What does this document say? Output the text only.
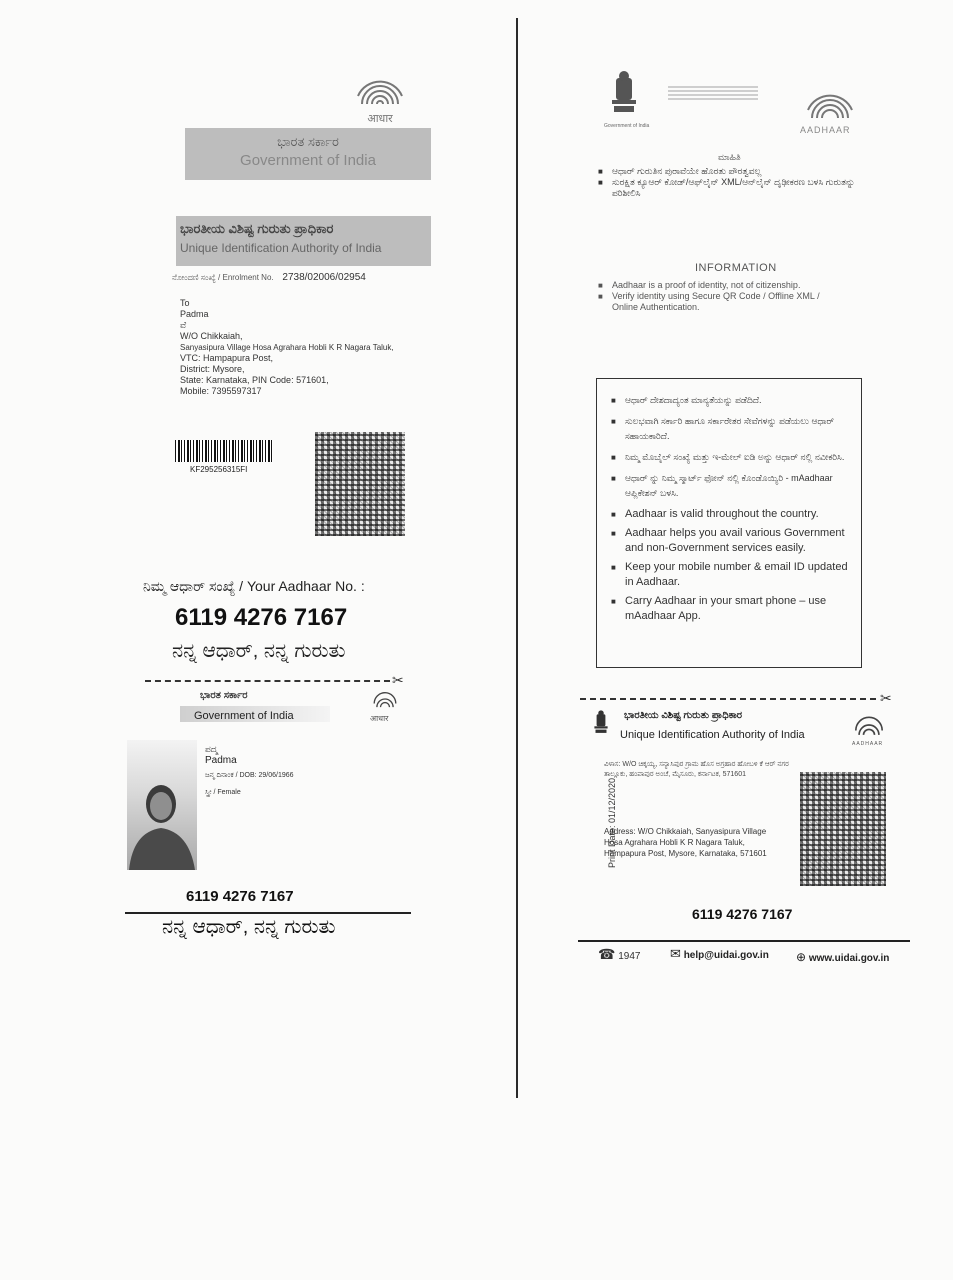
आधार
ಭಾರತ ಸರ್ಕಾರ
Government of India
ಭಾರತೀಯ ವಿಶಿಷ್ಟ ಗುರುತು ಪ್ರಾಧಿಕಾರ
Unique Identification Authority of India
ನೋಂದಣಿ ಸಂಖ್ಯೆ / Enrolment No. 2738/02006/02954
To
Padma
ವೆ
W/O Chikkaiah,
Sanyasipura Village Hosa Agrahara Hobli K R Nagara Taluk,
VTC: Hampapura Post,
District: Mysore,
State: Karnataka, PIN Code: 571601,
Mobile: 7395597317
KF295256315FI
ನಿಮ್ಮ ಆಧಾರ್ ಸಂಖ್ಯೆ / Your Aadhaar No. :
6119 4276 7167
ನನ್ನ ಆಧಾರ್, ನನ್ನ ಗುರುತು
✂
ಭಾರತ ಸರ್ಕಾರ
Government of India	आधार
ಪದ್ಮ
Padma
ಜನ್ಮ ದಿನಾಂಕ / DOB: 29/06/1966
ಸ್ತ್ರೀ / Female
6119 4276 7167
ನನ್ನ ಆಧಾರ್, ನನ್ನ ಗುರುತು
Government of India	AADHAAR
ಮಾಹಿತಿ
■ ಆಧಾರ್ ಗುರುತಿನ ಪುರಾವೆಯೇ ಹೊರತು ಪೌರತ್ವವಲ್ಲ
■ ಸುರಕ್ಷಿತ ಕ್ಯೂಆರ್ ಕೋಡ್/ಆಫ್‌ಲೈನ್ XML/ಆನ್‌ಲೈನ್ ದೃಢೀಕರಣ ಬಳಸಿ ಗುರುತನ್ನು ಪರಿಶೀಲಿಸಿ
INFORMATION
■ Aadhaar is a proof of identity, not of citizenship.
■ Verify identity using Secure QR Code / Offline XML / Online Authentication.
■ ಆಧಾರ್ ದೇಶದಾದ್ಯಂತ ಮಾನ್ಯತೆಯನ್ನು ಪಡೆದಿದೆ.
■ ಸುಲಭವಾಗಿ ಸರ್ಕಾರಿ ಹಾಗೂ ಸರ್ಕಾರೇತರ ಸೇವೆಗಳನ್ನು ಪಡೆಯಲು ಆಧಾರ್ ಸಹಾಯಕಾರಿದೆ.
■ ನಿಮ್ಮ ಮೊಬೈಲ್ ಸಂಖ್ಯೆ ಮತ್ತು ಇ-ಮೇಲ್ ಐಡಿ ಅನ್ನು ಆಧಾರ್ ನಲ್ಲಿ ನವೀಕರಿಸಿ.
■ ಆಧಾರ್ ನ್ನು ನಿಮ್ಮ ಸ್ಮಾರ್ಟ್ ಫೋನ್ ನಲ್ಲಿ ಕೊಂಡೊಯ್ಯಿರಿ - mAadhaar ಆಪ್ಲಿಕೇಶನ್ ಬಳಸಿ.
■ Aadhaar is valid throughout the country.
■ Aadhaar helps you avail various Government and non-Government services easily.
■ Keep your mobile number & email ID updated in Aadhaar.
■ Carry Aadhaar in your smart phone – use mAadhaar App.
✂
ಭಾರತೀಯ ವಿಶಿಷ್ಟ ಗುರುತು ಪ್ರಾಧಿಕಾರ
Unique Identification Authority of India
AADHAAR
Print Date: 01/12/2020
ವಿಳಾಸ: W/O ಚಿಕ್ಕಯ್ಯ, ಸನ್ಯಾಸಿಪುರ ಗ್ರಾಮ ಹೊಸ ಅಗ್ರಹಾರ ಹೋಬಳಿ ಕೆ ಆರ್ ನಗರ ತಾಲ್ಲೂಕು, ಹಂಪಾಪುರ ಅಂಚೆ, ಮೈಸೂರು, ಕರ್ನಾಟಕ, 571601
Address: W/O Chikkaiah, Sanyasipura Village Hosa Agrahara Hobli K R Nagara Taluk, Hampapura Post, Mysore, Karnataka, 571601
6119 4276 7167
☎ 1947 ✉ help@uidai.gov.in ⊕ www.uidai.gov.in
